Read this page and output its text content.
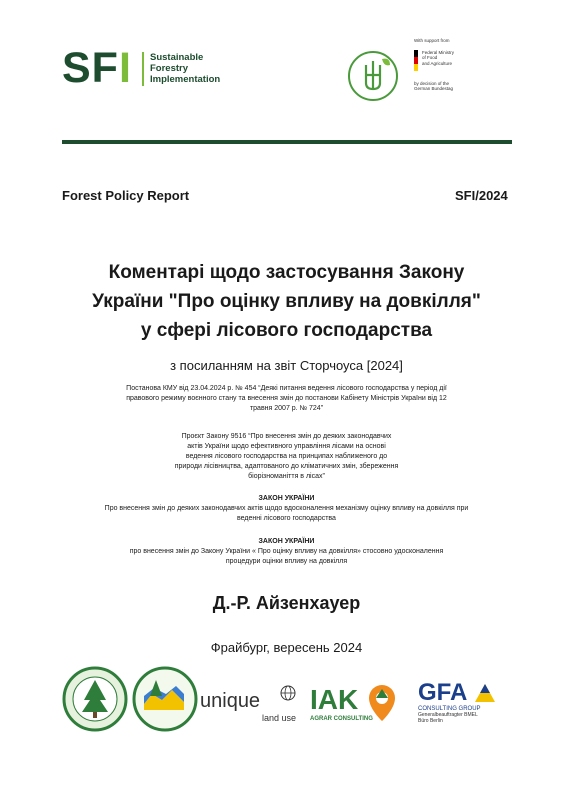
SFI Sustainable
Forestry
Implementation
With support from
Federal Ministry
of Food
and Agriculture
by decision of the
German Bundestag
Forest Policy Report	SFI/2024
Коментарі щодо застосування Закону
України "Про оцінку впливу на довкілля"
у сфері лісового господарства
з посиланням на звіт Сторчоуса [2024]
Постанова КМУ від 23.04.2024 р. № 454 “Деякі питання ведення лісового господарства у період дії
правового режиму воєнного стану та внесення змін до постанови Кабінету Міністрів України від 12
травня 2007 р. № 724”
Проєкт Закону 9516 “Про внесення змін до деяких законодавчих
актів України щодо ефективного управління лісами на основі
ведення лісового господарства на принципах наближеного до
природи лісівництва, адаптованого до кліматичних змін, збереження
біорізноманіття в лісах”
ЗАКОН УКРАЇНИ
Про внесення змін до деяких законодавчих актів щодо вдосконалення механізму оцінку впливу на довкілля при
веденні лісового господарства
ЗАКОН УКРАЇНИ
про внесення змін до Закону України « Про оцінку впливу на довкілля» стосовно удосконалення
процедури оцінки впливу на довкілля
Д.-Р. Айзенхауер
Фрайбург, вересень 2024
unique
land use
IAK
AGRAR CONSULTING
GFA
CONSULTING GROUP
Generalbeauftragter BMEL
Büro Berlin
